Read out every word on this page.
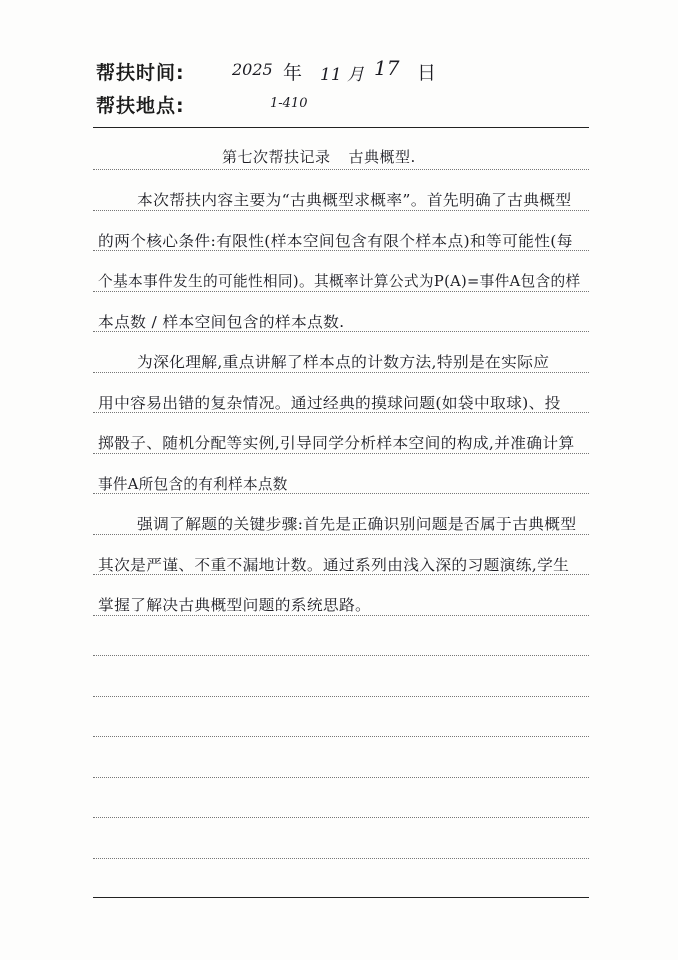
帮扶时间:	2025 年 11 月 17 日
帮扶地点:	1-410
第七次帮扶记录 古典概型.
本次帮扶内容主要为“古典概型求概率”。首先明确了古典概型
的两个核心条件:有限性(样本空间包含有限个样本点)和等可能性(每
个基本事件发生的可能性相同)。其概率计算公式为P(A)=事件A包含的样
本点数 / 样本空间包含的样本点数.
为深化理解,重点讲解了样本点的计数方法,特别是在实际应
用中容易出错的复杂情况。通过经典的摸球问题(如袋中取球)、投
掷骰子、随机分配等实例,引导同学分析样本空间的构成,并准确计算
事件A所包含的有利样本点数
强调了解题的关键步骤:首先是正确识别问题是否属于古典概型
其次是严谨、不重不漏地计数。通过系列由浅入深的习题演练,学生
掌握了解决古典概型问题的系统思路。
